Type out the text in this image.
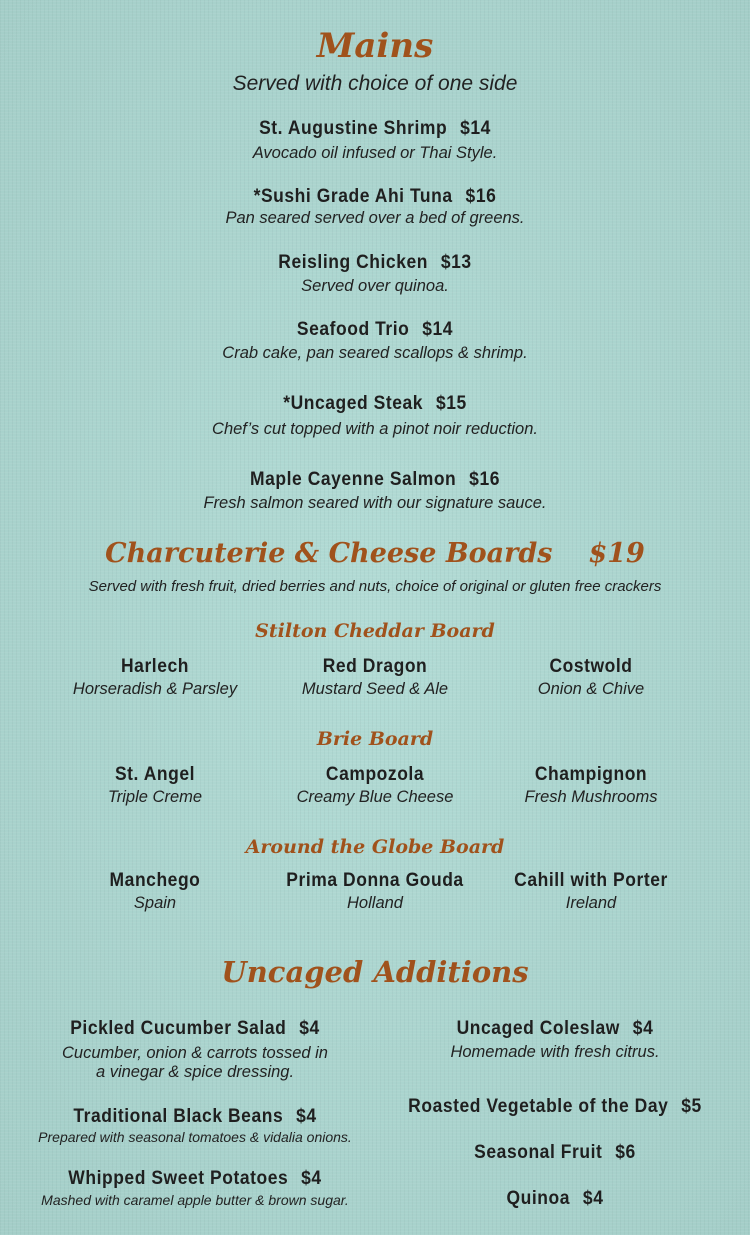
Mains
Served with choice of one side
St. Augustine Shrimp $14
Avocado oil infused or Thai Style.
*Sushi Grade Ahi Tuna $16
Pan seared served over a bed of greens.
Reisling Chicken $13
Served over quinoa.
Seafood Trio $14
Crab cake, pan seared scallops & shrimp.
*Uncaged Steak $15
Chef’s cut topped with a pinot noir reduction.
Maple Cayenne Salmon $16
Fresh salmon seared with our signature sauce.
Charcuterie & Cheese Boards $19
Served with fresh fruit, dried berries and nuts, choice of original or gluten free crackers
Stilton Cheddar Board
Harlech
Horseradish & Parsley
Red Dragon
Mustard Seed & Ale
Costwold
Onion & Chive
Brie Board
St. Angel
Triple Creme
Campozola
Creamy Blue Cheese
Champignon
Fresh Mushrooms
Around the Globe Board
Manchego
Spain
Prima Donna Gouda
Holland
Cahill with Porter
Ireland
Uncaged Additions
Pickled Cucumber Salad $4
Cucumber, onion & carrots tossed in
a vinegar & spice dressing.
Traditional Black Beans $4
Prepared with seasonal tomatoes & vidalia onions.
Whipped Sweet Potatoes $4
Mashed with caramel apple butter & brown sugar.
Uncaged Coleslaw $4
Homemade with fresh citrus.
Roasted Vegetable of the Day $5
Seasonal Fruit $6
Quinoa $4
